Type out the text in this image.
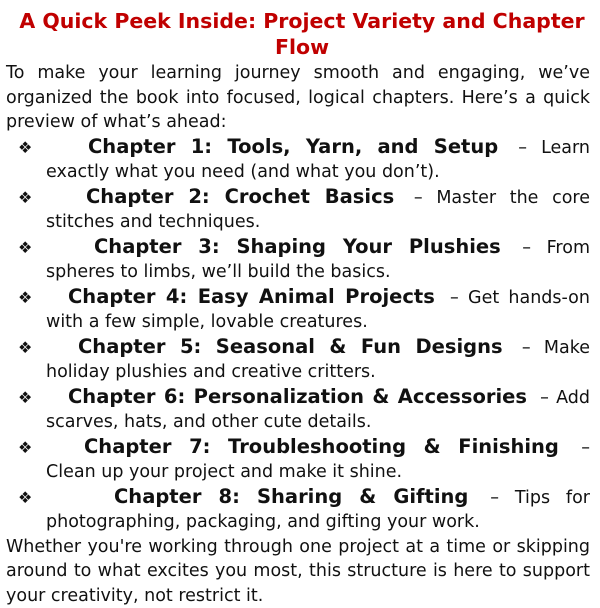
A Quick Peek Inside: Project Variety and Chapter Flow

To make your learning journey smooth and engaging, we’ve organized the book into focused, logical chapters. Here’s a quick preview of what’s ahead:

❖	Chapter 1: Tools, Yarn, and Setup – Learn exactly what you need (and what you don’t).
❖	Chapter 2: Crochet Basics – Master the core stitches and techniques.
❖	Chapter 3: Shaping Your Plushies – From spheres to limbs, we’ll build the basics.
❖ Chapter 4: Easy Animal Projects – Get hands-on with a few simple, lovable creatures.
❖ Chapter 5: Seasonal & Fun Designs – Make holiday plushies and creative critters.
❖ Chapter 6: Personalization & Accessories – Add scarves, hats, and other cute details.
❖	Chapter 7: Troubleshooting & Finishing – Clean up your project and make it shine.
❖	Chapter 8: Sharing & Gifting – Tips for photographing, packaging, and gifting your work.

Whether you're working through one project at a time or skipping around to what excites you most, this structure is here to support your creativity, not restrict it.
